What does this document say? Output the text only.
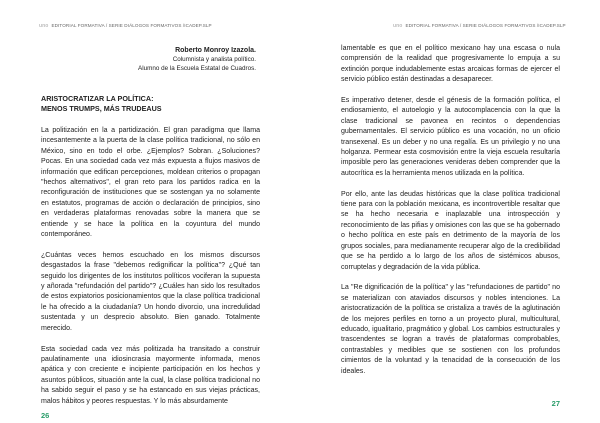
uno EDITORIAL FORMATIVA / SERIE DIÁLOGOS FORMATIVOS /ICADEP.SLP
Roberto Monroy Izazola.
Columnista y analista político.
Alumno de la Escuela Estatal de Cuadros.
ARISTOCRATIZAR LA POLÍTICA:
MENOS TRUMPS, MÁS TRUDEAUS

La politización en la a partidización. El gran paradigma que llama incesantemente a la puerta de la clase política tradicional, no sólo en México, sino en todo el orbe. ¿Ejemplos? Sobran. ¿Soluciones? Pocas. En una sociedad cada vez más expuesta a flujos masivos de información que edifican percepciones, moldean criterios o propagan "hechos alternativos", el gran reto para los partidos radica en la reconfiguración de instituciones que se sostengan ya no solamente en estatutos, programas de acción o declaración de principios, sino en verdaderas plataformas renovadas sobre la manera que se entiende y se hace la política en la coyuntura del mundo contemporáneo.

¿Cuántas veces hemos escuchado en los mismos discursos desgastados la frase "debemos redignificar la política"? ¿Qué tan seguido los dirigentes de los institutos políticos vociferan la supuesta y añorada "refundación del partido"? ¿Cuáles han sido los resultados de estos expiatorios posicionamientos que la clase política tradicional le ha ofrecido a la ciudadanía? Un hondo divorcio, una incredulidad sustentada y un desprecio absoluto. Bien ganado. Totalmente merecido.

Esta sociedad cada vez más politizada ha transitado a construir paulatinamente una idiosincrasia mayormente informada, menos apática y con creciente e incipiente participación en los hechos y asuntos públicos, situación ante la cual, la clase política tradicional no ha sabido seguir el paso y se ha estancado en sus viejas prácticas, malos hábitos y peores respuestas. Y lo más absurdamente

26
uno EDITORIAL FORMATIVA / SERIE DIÁLOGOS FORMATIVOS /ICADEP.SLP

lamentable es que en el político mexicano hay una escasa o nula comprensión de la realidad que progresivamente lo empuja a su extinción porque indudablemente estas arcaicas formas de ejercer el servicio público están destinadas a desaparecer.

Es imperativo detener, desde el génesis de la formación política, el endiosamiento, el autoelogio y la autocomplacencia con la que la clase tradicional se pavonea en recintos o dependencias gubernamentales. El servicio público es una vocación, no un oficio transexenal. Es un deber y no una regalía. Es un privilegio y no una holganza. Permear esta cosmovisión entre la vieja escuela resultaría imposible pero las generaciones venideras deben comprender que la autocrítica es la herramienta menos utilizada en la política.

Por ello, ante las deudas históricas que la clase política tradicional tiene para con la población mexicana, es incontrovertible resaltar que se ha hecho necesaria e inaplazable una introspección y reconocimiento de las pifias y omisiones con las que se ha gobernado o hecho política en este país en detrimento de la mayoría de los grupos sociales, para medianamente recuperar algo de la credibilidad que se ha perdido a lo largo de los años de sistémicos abusos, corruptelas y degradación de la vida pública.

La "Re dignificación de la política" y las "refundaciones de partido" no se materializan con ataviados discursos y nobles intenciones. La aristocratización de la política se cristaliza a través de la aglutinación de los mejores perfiles en torno a un proyecto plural, multicultural, educado, igualitario, pragmático y global. Los cambios estructurales y trascendentes se logran a través de plataformas comprobables, contrastables y medibles que se sostienen con los profundos cimientos de la voluntad y la tenacidad de la consecución de los ideales.

27
